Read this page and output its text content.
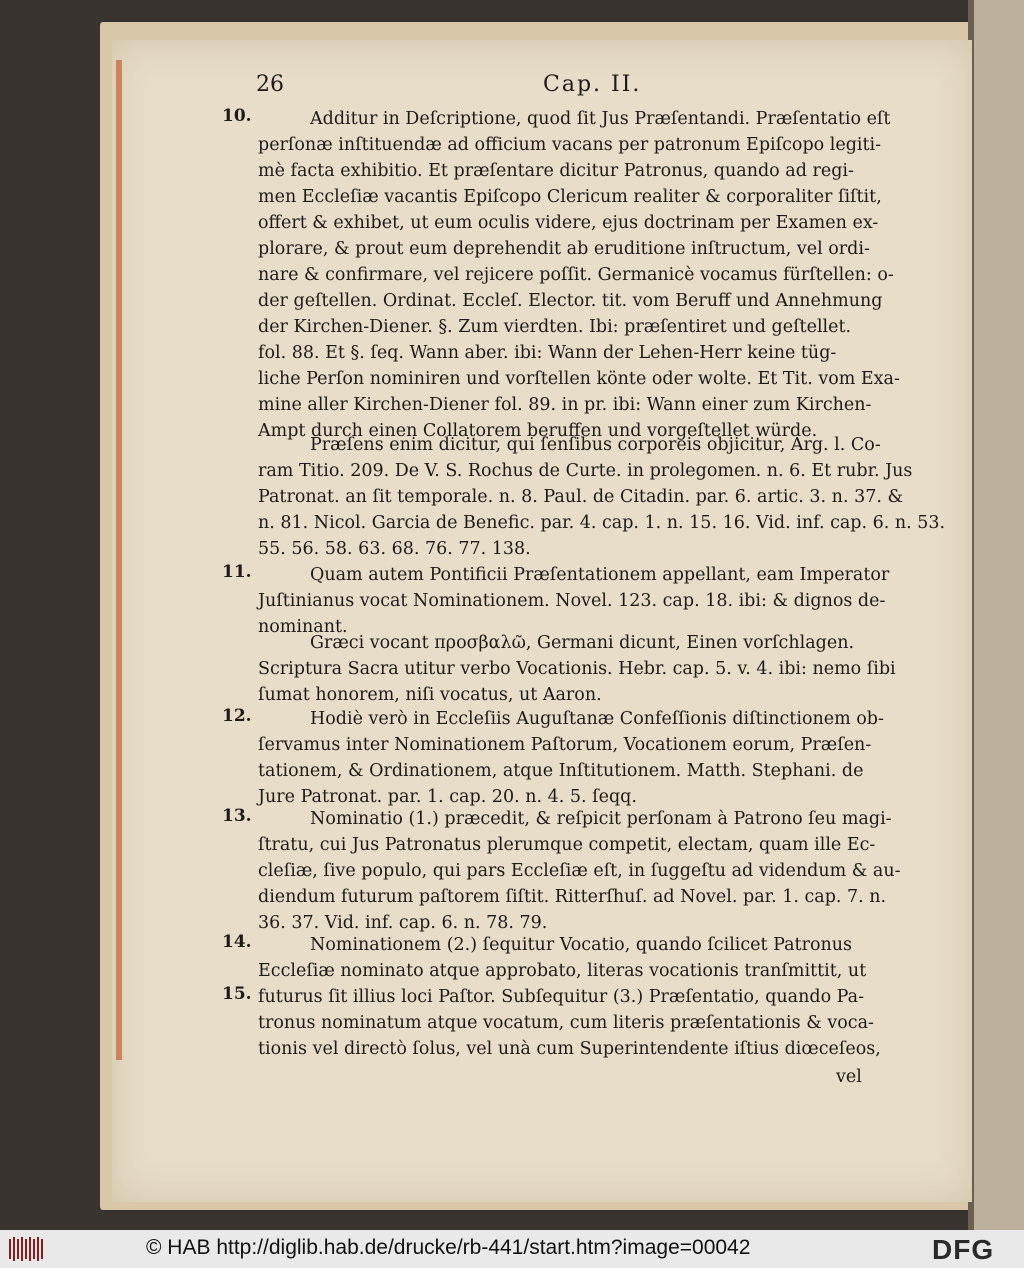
26	Cap. II.
10.
11.
12.
13.
14.
15.
Additur in Deſcriptione, quod ſit Jus Præſentandi. Præſentatio eſt
perſonæ inſtituendæ ad officium vacans per patronum Epiſcopo legiti-
mè facta exhibitio. Et præſentare dicitur Patronus, quando ad regi-
men Eccleſiæ vacantis Epiſcopo Clericum realiter & corporaliter ſiſtit,
offert & exhibet, ut eum oculis videre, ejus doctrinam per Examen ex-
plorare, & prout eum deprehendit ab eruditione inſtructum, vel ordi-
nare & confirmare, vel rejicere poſſit. Germanicè vocamus fürſtellen: o-
der geſtellen. Ordinat. Eccleſ. Elector. tit. vom Beruff und Annehmung
der Kirchen-Diener. §. Zum vierdten. Ibi: præſentiret und geſtellet.
fol. 88. Et §. ſeq. Wann aber. ibi: Wann der Lehen-Herr keine tüg-
liche Perſon nominiren und vorſtellen könte oder wolte. Et Tit. vom Exa-
mine aller Kirchen-Diener fol. 89. in pr. ibi: Wann einer zum Kirchen-
Ampt durch einen Collatorem beruffen und vorgeſtellet würde.
Præſens enim dicitur, qui ſenſibus corporeis objicitur, Arg. l. Co-
ram Titio. 209. De V. S. Rochus de Curte. in prolegomen. n. 6. Et rubr. Jus
Patronat. an ſit temporale. n. 8. Paul. de Citadin. par. 6. artic. 3. n. 37. &
n. 81. Nicol. Garcia de Benefic. par. 4. cap. 1. n. 15. 16. Vid. inf. cap. 6. n. 53.
55. 56. 58. 63. 68. 76. 77. 138.
Quam autem Pontificii Præſentationem appellant, eam Imperator
Juſtinianus vocat Nominationem. Novel. 123. cap. 18. ibi: & dignos de-
nominant.
Græci vocant προσβαλῶ, Germani dicunt, Einen vorſchlagen.
Scriptura Sacra utitur verbo Vocationis. Hebr. cap. 5. v. 4. ibi: nemo ſibi
ſumat honorem, niſi vocatus, ut Aaron.
Hodiè verò in Eccleſiis Auguſtanæ Confeſſionis diſtinctionem ob-
ſervamus inter Nominationem Paſtorum, Vocationem eorum, Præſen-
tationem, & Ordinationem, atque Inſtitutionem. Matth. Stephani. de
Jure Patronat. par. 1. cap. 20. n. 4. 5. ſeqq.
Nominatio (1.) præcedit, & reſpicit perſonam à Patrono ſeu magi-
ſtratu, cui Jus Patronatus plerumque competit, electam, quam ille Ec-
cleſiæ, ſive populo, qui pars Eccleſiæ eſt, in ſuggeſtu ad videndum & au-
diendum futurum paſtorem ſiſtit. Ritterſhuſ. ad Novel. par. 1. cap. 7. n.
36. 37. Vid. inf. cap. 6. n. 78. 79.
Nominationem (2.) ſequitur Vocatio, quando ſcilicet Patronus
Eccleſiæ nominato atque approbato, literas vocationis tranſmittit, ut
futurus ſit illius loci Paſtor. Subſequitur (3.) Præſentatio, quando Pa-
tronus nominatum atque vocatum, cum literis præſentationis & voca-
tionis vel directò ſolus, vel unà cum Superintendente iſtius diœceſeos,
vel
© HAB http://diglib.hab.de/drucke/rb-441/start.htm?image=00042	DFG
